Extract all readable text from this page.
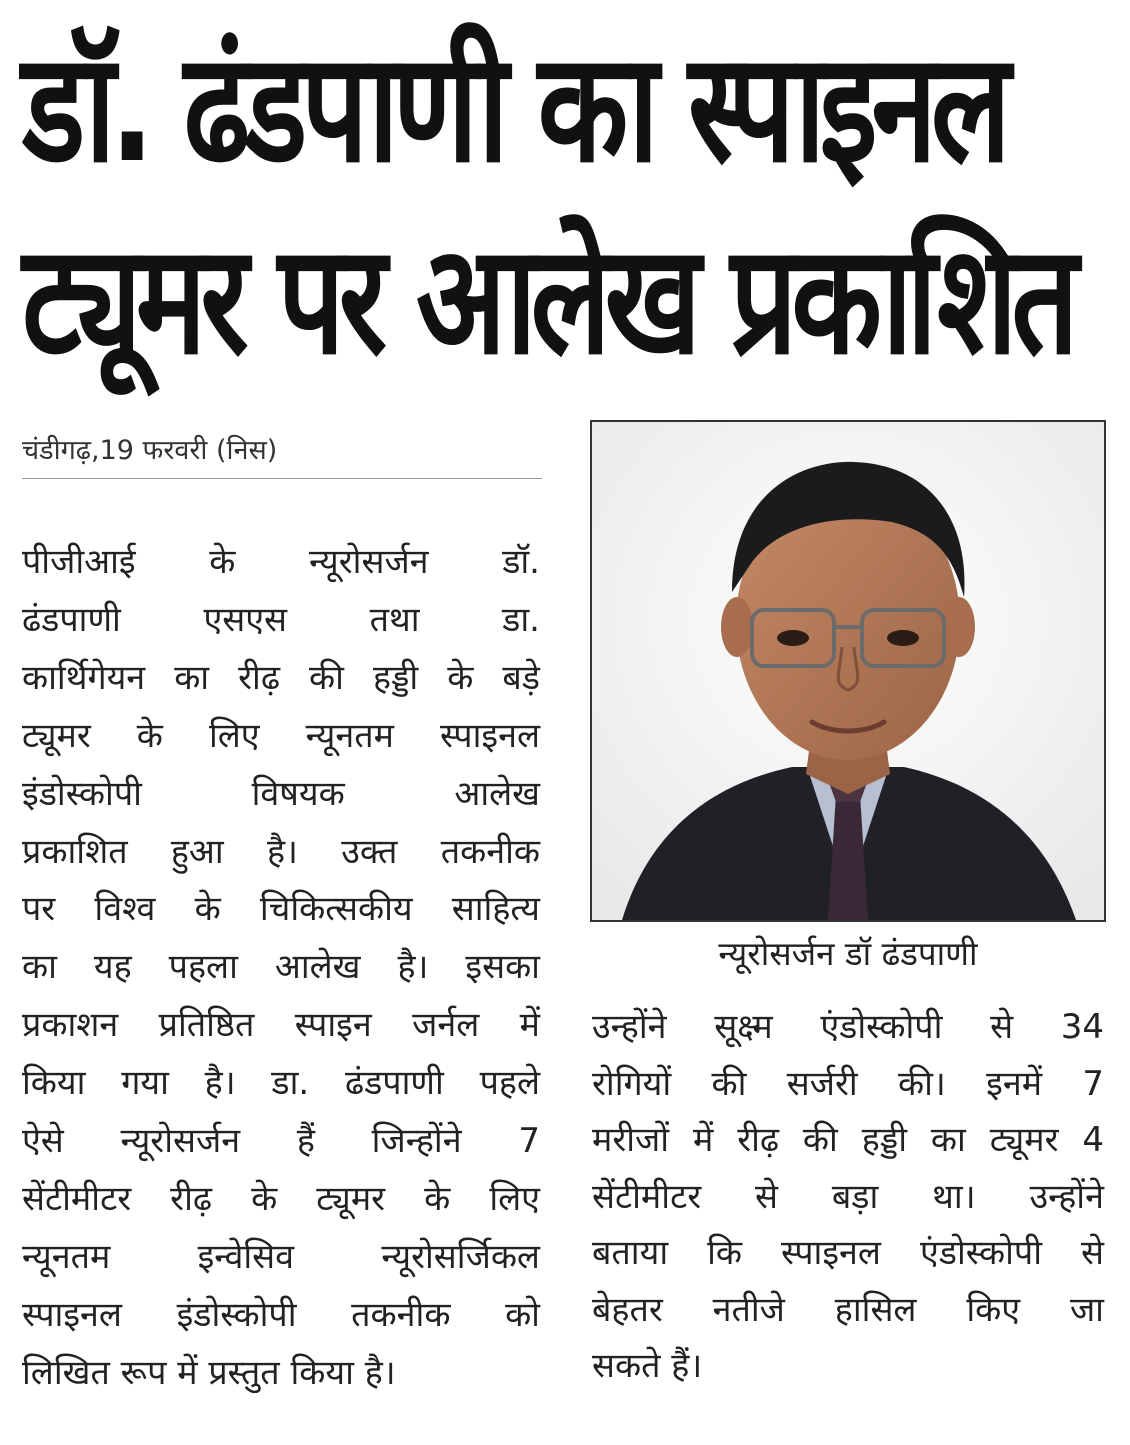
डॉ. ढंडपाणी का स्पाइनल
ट्यूमर पर आलेख प्रकाशित
चंडीगढ़,19 फरवरी (निस)
पीजीआई के न्यूरोसर्जन डॉ.
ढंडपाणी एसएस तथा डा.
कार्थिगेयन का रीढ़ की हड्डी के बड़े
ट्यूमर के लिए न्यूनतम स्पाइनल
इंडोस्कोपी विषयक आलेख
प्रकाशित हुआ है। उक्त तकनीक
पर विश्व के चिकित्सकीय साहित्य
का यह पहला आलेख है। इसका
प्रकाशन प्रतिष्ठित स्पाइन जर्नल में
किया गया है। डा. ढंडपाणी पहले
ऐसे न्यूरोसर्जन हैं जिन्होंने 7
सेंटीमीटर रीढ़ के ट्यूमर के लिए
न्यूनतम इन्वेसिव न्यूरोसर्जिकल
स्पाइनल इंडोस्कोपी तकनीक को
लिखित रूप में प्रस्तुत किया है।
न्यूरोसर्जन डॉ ढंडपाणी
उन्होंने सूक्ष्म एंडोस्कोपी से 34
रोगियों की सर्जरी की। इनमें 7
मरीजों में रीढ़ की हड्डी का ट्यूमर 4
सेंटीमीटर से बड़ा था। उन्होंने
बताया कि स्पाइनल एंडोस्कोपी से
बेहतर नतीजे हासिल किए जा
सकते हैं।
